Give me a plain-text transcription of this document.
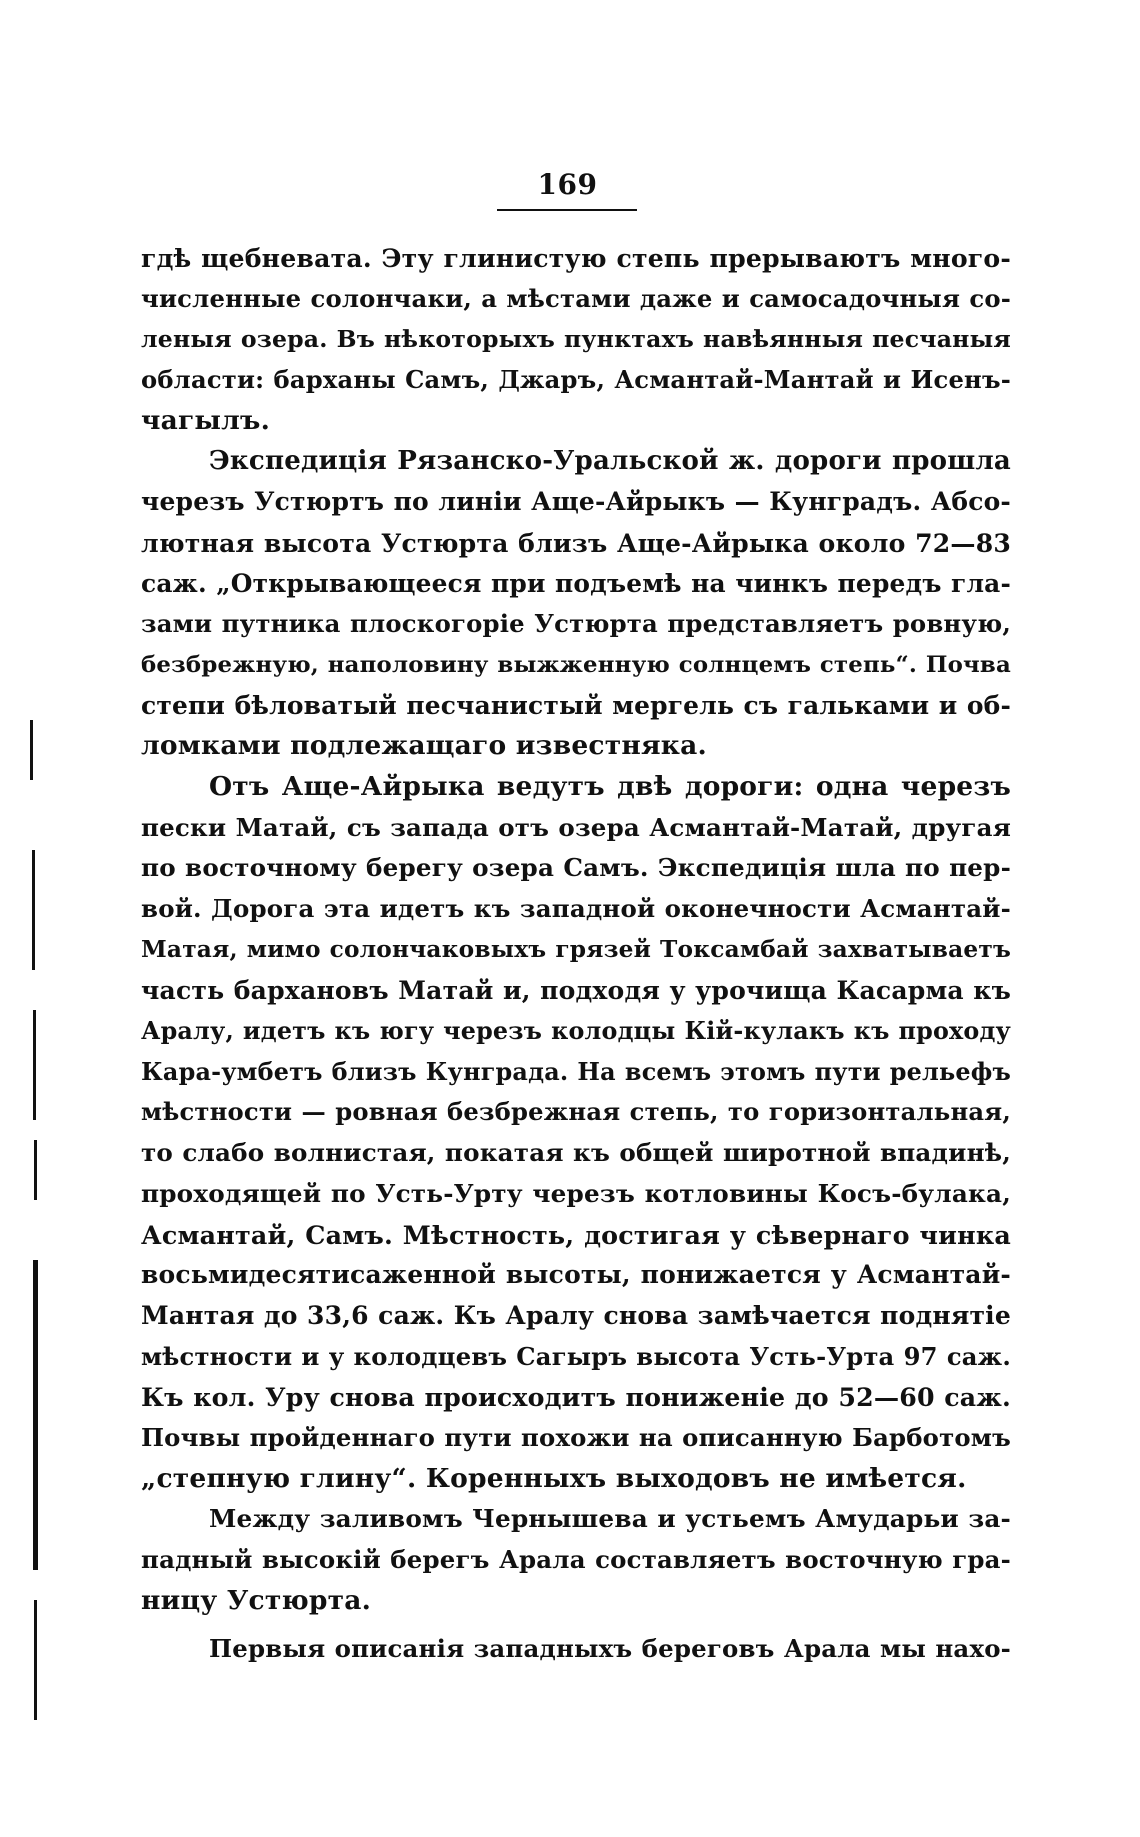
169
гдѣ щебневата. Эту глинистую степь прерываютъ много-
численные солончаки, а мѣстами даже и самосадочныя со-
леныя озера. Въ нѣкоторыхъ пунктахъ навѣянныя песчаныя
области: барханы Самъ, Джаръ, Асмантай-Мантай и Исенъ-
чагылъ.
Экспедиція Рязанско-Уральской ж. дороги прошла
черезъ Устюртъ по линіи Аще-Айрыкъ — Кунградъ. Абсо-
лютная высота Устюрта близъ Аще-Айрыка около 72—83
саж. „Открывающееся при подъемѣ на чинкъ передъ гла-
зами путника плоскогоріе Устюрта представляетъ ровную,
безбрежную, наполовину выжженную солнцемъ степь“. Почва
степи бѣловатый песчанистый мергель съ гальками и об-
ломками подлежащаго известняка.
Отъ Аще-Айрыка ведутъ двѣ дороги: одна черезъ
пески Матай, съ запада отъ озера Асмантай-Матай, другая
по восточному берегу озера Самъ. Экспедиція шла по пер-
вой. Дорога эта идетъ къ западной оконечности Асмантай-
Матая, мимо солончаковыхъ грязей Токсамбай захватываетъ
часть бархановъ Матай и, подходя у урочища Касарма къ
Аралу, идетъ къ югу черезъ колодцы Кій-кулакъ къ проходу
Кара-умбетъ близъ Кунграда. На всемъ этомъ пути рельефъ
мѣстности — ровная безбрежная степь, то горизонтальная,
то слабо волнистая, покатая къ общей широтной впадинѣ,
проходящей по Усть-Урту черезъ котловины Косъ-булака,
Асмантай, Самъ. Мѣстность, достигая у сѣвернаго чинка
восьмидесятисаженной высоты, понижается у Асмантай-
Мантая до 33,6 саж. Къ Аралу снова замѣчается поднятіе
мѣстности и у колодцевъ Сагыръ высота Усть-Урта 97 саж.
Къ кол. Уру снова происходитъ пониженіе до 52—60 саж.
Почвы пройденнаго пути похожи на описанную Барботомъ
„степную глину“. Коренныхъ выходовъ не имѣется.
Между заливомъ Чернышева и устьемъ Амударьи за-
падный высокій берегъ Арала составляетъ восточную гра-
ницу Устюрта.
Первыя описанія западныхъ береговъ Арала мы нахо-
